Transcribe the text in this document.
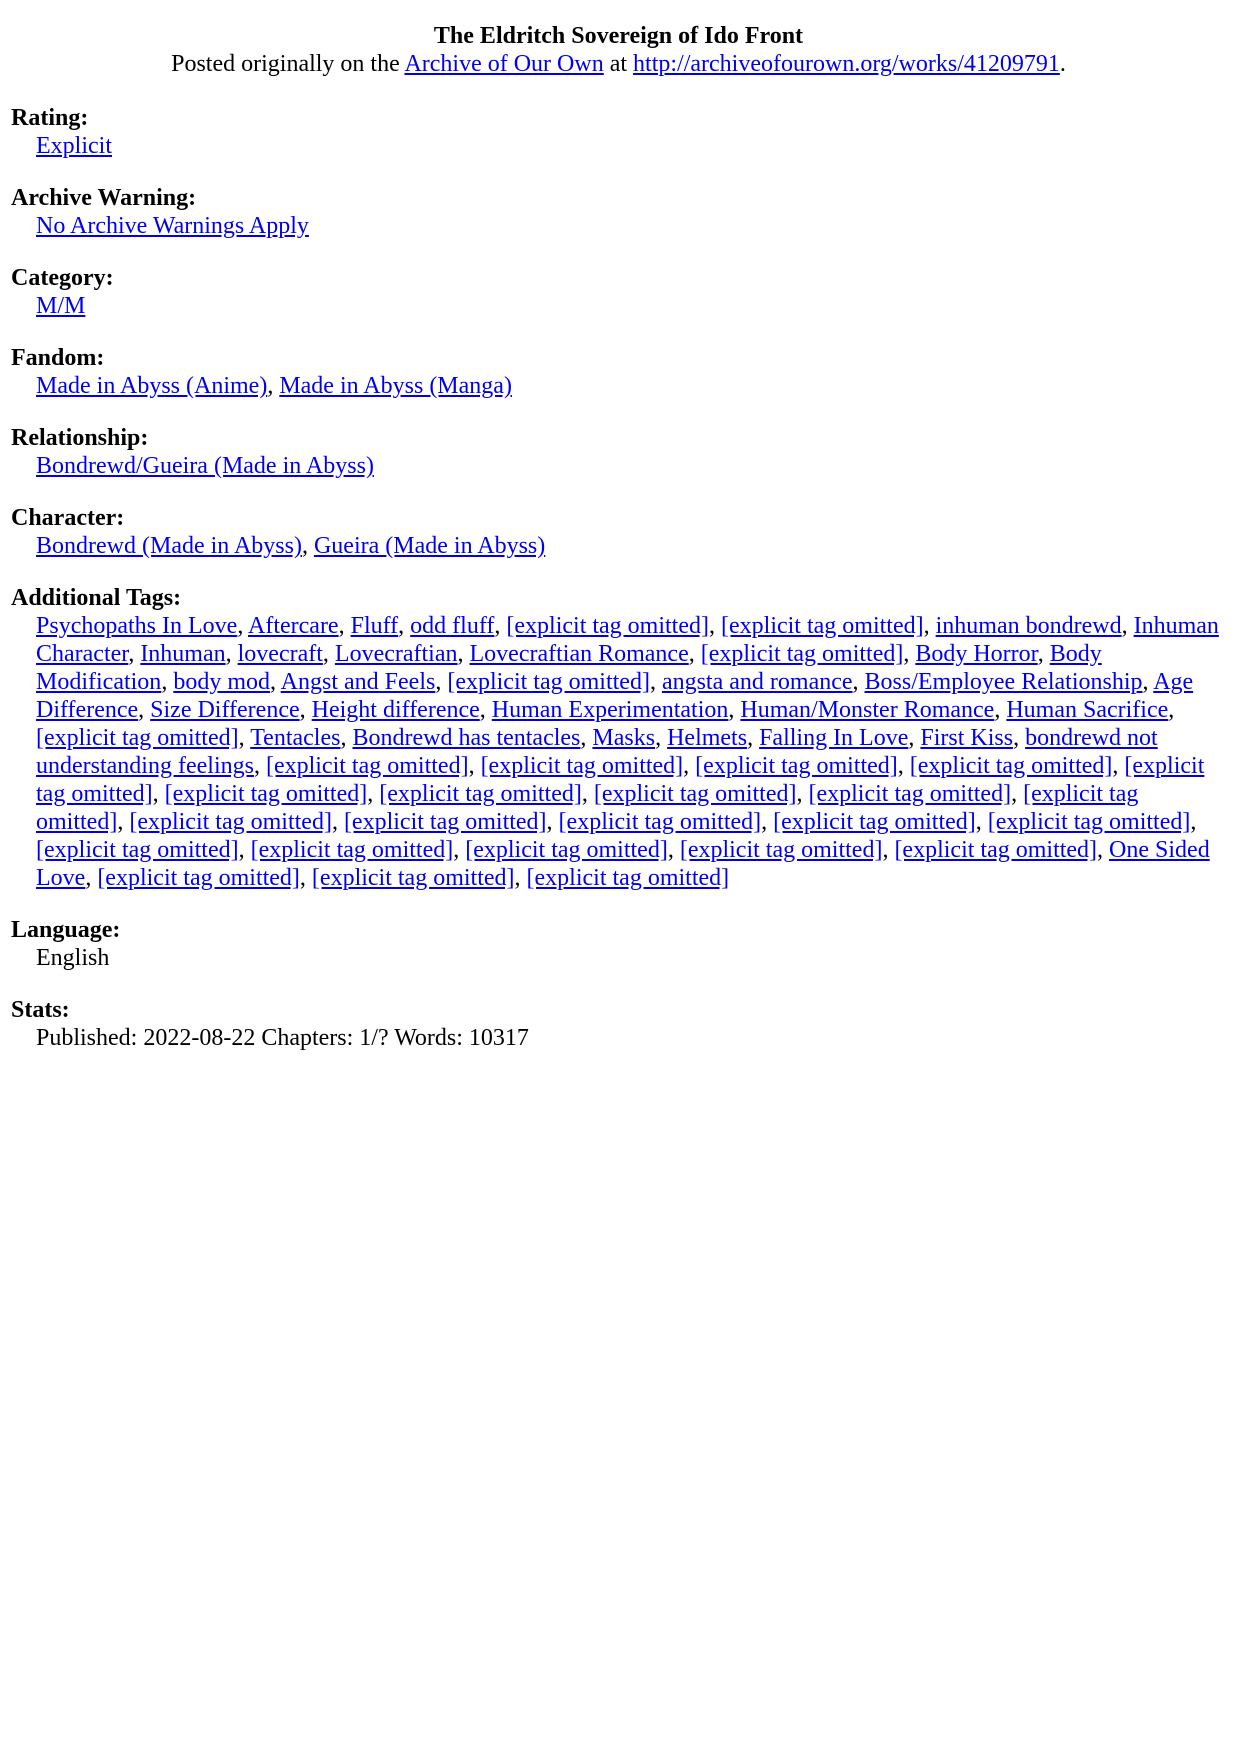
The Eldritch Sovereign of Ido Front
Posted originally on the Archive of Our Own at http://archiveofourown.org/works/41209791.
Rating:
Explicit
Archive Warning:
No Archive Warnings Apply
Category:
M/M
Fandom:
Made in Abyss (Anime), Made in Abyss (Manga)
Relationship:
Bondrewd/Gueira (Made in Abyss)
Character:
Bondrewd (Made in Abyss), Gueira (Made in Abyss)
Additional Tags:
Psychopaths In Love, Aftercare, Fluff, odd fluff, [explicit tag omitted], [explicit tag omitted], inhuman bondrewd, Inhuman Character, Inhuman, lovecraft, Lovecraftian, Lovecraftian Romance, [explicit tag omitted], Body Horror, Body Modification, body mod, Angst and Feels, [explicit tag omitted], angsta and romance, Boss/Employee Relationship, Age Difference, Size Difference, Height difference, Human Experimentation, Human/Monster Romance, Human Sacrifice, [explicit tag omitted], Tentacles, Bondrewd has tentacles, Masks, Helmets, Falling In Love, First Kiss, bondrewd not understanding feelings, [explicit tag omitted], [explicit tag omitted], [explicit tag omitted], [explicit tag omitted], [explicit tag omitted], [explicit tag omitted], [explicit tag omitted], [explicit tag omitted], [explicit tag omitted], [explicit tag omitted], [explicit tag omitted], [explicit tag omitted], [explicit tag omitted], [explicit tag omitted], [explicit tag omitted], [explicit tag omitted], [explicit tag omitted], [explicit tag omitted], [explicit tag omitted], [explicit tag omitted], One Sided Love, [explicit tag omitted], [explicit tag omitted], [explicit tag omitted]
Language:
English
Stats:
Published: 2022-08-22 Chapters: 1/? Words: 10317
